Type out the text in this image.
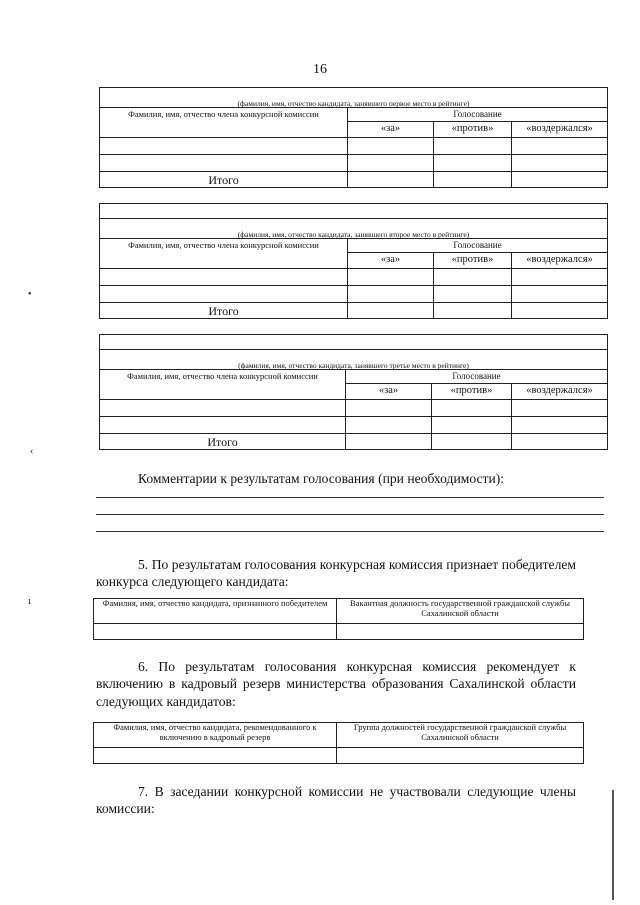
16
(фамилия, имя, отчество кандидата, занявшего первое место в рейтинге)			
Фамилия, имя, отчество члена конкурсной комиссии	Голосование		
	«за»	«против»	«воздержался»

Итого			

(фамилия, имя, отчество кандидата, занявшего второе место в рейтинге)			
Фамилия, имя, отчество члена конкурсной комиссии	Голосование		
	«за»	«против»	«воздержался»

Итого			

(фамилия, имя, отчество кандидата, занявшего третье место в рейтинге)			
Фамилия, имя, отчество члена конкурсной комиссии	Голосование		
	«за»	«против»	«воздержался»

Итого			
Комментарии к результатам голосования (при необходимости):
5. По результатам голосования конкурсная комиссия признает победителем конкурса следующего кандидата:
Фамилия, имя, отчество кандидата, признанного победителем	Вакантная должность государственной гражданской службы Сахалинской области

6. По результатам голосования конкурсная комиссия рекомендует к включению в кадровый резерв министерства образования Сахалинской области следующих кандидатов:
Фамилия, имя, отчество кандидата, рекомендованного к включению в кадровый резерв	Группа должностей государственной гражданской службы Сахалинской области

7. В заседании конкурсной комиссии не участвовали следующие члены комиссии:
•
‹
ı
